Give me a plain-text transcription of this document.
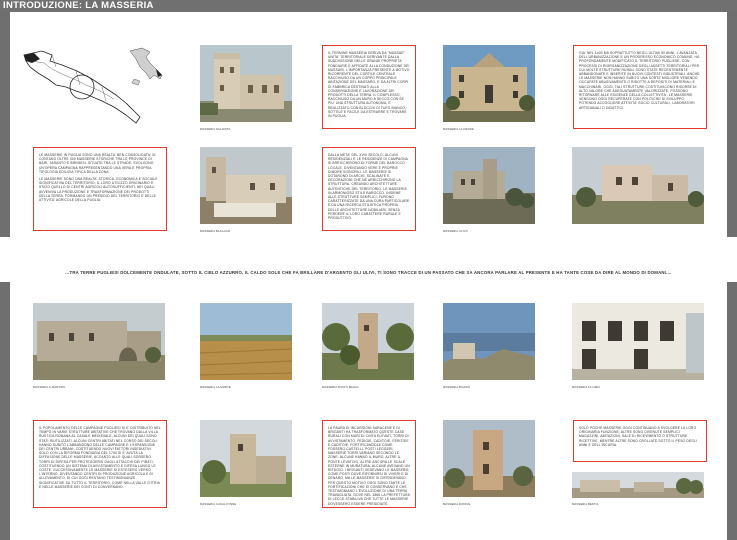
INTRODUZIONE: LA MASSERIA
MASSERIA SALAMITA

IL TERMINE MASSERIA DERIVA DA "MASSAE" UNITA' TERRITORIALE DERIVANTE DALLA SUDDIVISIONE DELLE GRANDI PROPRIETA' FONDIARIE E AFFIDATE ALLA CONDUZIONE DEI MASSARI. L'IMPORTANZA PRESENTE A MOTIVO RICORRENTE DEL CORTILE CENTRALE RACCHIUSO DA UN CORPO PRINCIPALE ABITAZIONE DEL MASSARO, E DA ALTRI CORPI DI FABBRICA DESTINATI ALLA CONSERVAZIONE E LAVORAZIONE DEI PRODOTTI DELLA TERRA. IL COMPLESSO, RACCHIUSO DA UN MURO A SECCO CON SE PIU' UNA STRUTTURA AUTONOMA, E REALIZZATO CON BLOCCHI DI TUFO BIANCO, SOTTILE E FACILE DA ESTRARRE E TROVARE IN PUGLIA.

MASSERIA LA FRASIE

GIA' NEL 1400 MA SOPRATTUTTO NEGLI ULTIMI 50 ANNI, L'AVANZATA DELL'URBANIZZAZIONE E UN PROGRESSO ECONOMICO COMUNE, HA PROFONDAMENTE MODIFICATO IL TERRITORIO PUGLIESE, CON PROCESSI DI RIORGANIZZAZIONE DEGLI ASSETTI TERRITORIALI PER CUI MOLTE STRUTTURE RURALI SONO STATE RECENTEMENTE ABBANDONATE E INSERITE IN NUOVI CONTESTI INDUSTRIALI. ANCHE LE MASSERIE NON HANNO SUBITO UNA SORTE MIGLIORE VENENDO OCCUPATE ABUSIVAMENTE O RIDOTTE A DEPOSITI DI MATERIALI E MACCHINARI. OGGI, TALI STRUTTURE COSTITUISCONO RISORSE DI ALTO VALORE CHE ADEGUATAMENTE VALORIZZATE, POSSONO RITORNARE ALLE ESIGENZE DELLA COLLETTIVITA'. LE MASSERIE VENGONO OGGI RECUPERATE CON POLITICHE DI SVILUPPO, POTENDO ACCOGLIERE ATTIVITA' SOCIO CULTURALI, LABORATORI ARTIGIANALI O DIDATTICI.

LE MASSERIE IN PUGLIA SONO UNA REALTA' BEN CONSOLIDATA; SI CONTANO OLTRE 400 MASSERIE STORICHE TRA LE PROVINCE DI BARI, TARANTO E BRINDISI. SITUATE TRA LE STRADE, SVOLGONO UN'OPERA CAMPAGNA RAPPRESENTANDO UNA VERA E PROPRIA TIPOLOGIA EDILIZIA TIPICA DELLA ZONA.

LE MASSERIE SONO UNA REALTA' STORICA, ECONOMICA E SOCIALE SIGNIFICATIVA DEL TERRITORIO; IL LORO UTILIZZO ORIGINARIO E' STATO QUELLO DI CENTRI AGRICOLI AUTOSUFFICIENTI, NEI QUALI AVVENIVA LA PRODUZIONE E TRASFORMAZIONE DEI PRODOTTI DELLA TERRA, FORMANDO UN PRESIDIO DEL TERRITORIO E DELLE ATTIVITA' AGRICOLE DELLA PUGLIA.

MASSERIA BLAGUAN

DALLA META' DEL XVIII SECOLO, ALCUNI RESIDENZIALI E LE RESIDENZE DI CAMPAGNA SI ARRICCHIRONO DI FORME DEL BAROCCO LOCALE, DIVENTANDO VERE E PROPRIE DIMORE SIGNORILI. LE MASSERIE SI DOTARONO DI ARCHI, SCALINATE E DECORAZIONI CHE NE ARRICCHIRONO LA STRUTTURA, CREANDO ARCHITETTURE AUTENTICHE DEL TERRITORIO. LE MASSERIE IN ARMONIOSO STILE BAROCCO, INSIEME ALLE STRUTTURE SEMPLICI, FURONO CARATTERIZZATE DA UNA CURA PARTICOLARE E DA UNA RICERCA STILISTICA PROPRIA DELLE ARCHITETTURE NOBILIARI, SENZA PERDERE IL LORO CARATTERE RURALE E PRODUTTIVO.

MASSERIA ULIVO
...TRA TERRE PUGLIESI DOLCEMENTE ONDULATE, SOTTO IL CIELO AZZURRO, IL CALDO SOLE CHE FA BRILLARE D'ARGENTO GLI ULIVI, TI SONO TRACCE DI UN PASSATO CHE SA ANCORA PARLARE AL PRESENTE E HA TANTE COSE DA DIRE AL MONDO DI DOMANI....
MASSERIA S.MARTIRO	MASSERIA LA MORTE	MASSERIA DONI'S BALDA	MASSERIA BIANCO	MASSERIA LA LIMIC

IL POPOLAMENTO DELLE CAMPAGNE PUGLIESI SI E' DISTRIBUITO NEL TEMPO IN VARIE STRUTTURE ABITATIVE CHE TROVANO DALLA VILLA RUSTICA ROMANA AL CASALE MEDIEVALE, ALCUNI DEI QUALI SONO STATI RIUTILIZZATI. ALCUNI CENTRI ABITATI NEL CORSO DEI SECOLI HANNO SUBITO L'ABBANDONO DELLE CAMPAGNE E L'ESPANSIONE DEI CENTRI URBANI, COSTITUENDO NUOVI FATTORI INSEDIATIVI. SOLO CON LA RIFORMA FONDIARIA DEL 1700 SI E' AVUTA LA DIFFUSIONE DELLE MASSERIE, ACCANTO ALLE QUALI SORSERO TORRI DI DIFESA PER PROTEGGERSI DAGLI ATTACCHI DEI PIRATI, COSTITUENDO UN SISTEMA DI AVVISTAMENTO E DIFESA LUNGO LE COSTE. SUCCESSIVAMENTE LE MASSERIE SI ESTESERO VERSO L'INTERNO, DIVENTANDO CENTRI DI PRODUZIONE AGRICOLA E DI ALLEVAMENTO, DI CUI OGGI RESTANO TESTIMONIANZE SIGNIFICATIVE SU TUTTO IL TERRITORIO, COME NELLA VALLE D'ITRIA E NELLE MASSERIE DEI CONTI DI CONVERSANO.

MASSERIA CASAL D'INNE

LA PAURA DI INCURSIONI SARACENE E DI BRIGANTI HA TRASFORMATO QUESTE CASE RURALI CON MURI DI CINTA ELEVATI, TORRI DI AVVISTAMENTO, FEDIGIE, CADITOIE, FERITOIE E CADITOIE, FORTIFICANDOLE COME FOSSERO CASTELLI. POSTI LEGGERI, MASSERIE TORRI VARIANO SECONDO LE ZONE: ALCUNE HANNO IL MURO, ALTRE IL PONTE LEVATOIO, ALTRE ANCORA LE SCALE ESTERNE IN MURATURA, ALCUNE AVEVANO UN RIFUGIO. I BRIGANTI VEDEVANO LE MASSERIE COME POSTI DOVE RIFORNIRSI DI VIVERI E DI DENARO, MA LE MASSERIE SI DIFENDEVANO: PER QUESTO MOTIVO OGGI SONO TANTE LE FORTIFICAZIONI CHE SI CONSERVANO E CHE TESTIMONIANO L'EVOLUZIONE DI UNA TERRA TRAVAGLIATA, DOVE NEL 1866 LA PREFETTURA DI LECCE STABILIVA CHE TUTTE LE MASSERIE DOVESSERO ESSERE PRESIDIATE.	MASSERIA DONICE

SOLO POCHE MASSERIE OGGI CONTINUANO A SVOLGERE LA LORO ORIGINARIA FUNZIONE; ALTRE SONO DIVENUTE SEMPLICI MAGAZZINI, ABITAZIONI, SALE DI RICEVIMENTO O STRUTTURE RICETTIVE, MENTRE ALTRE SONO CROLLATE SOTTO IL PESO DEGLI ANNI E DELL'INCURIA.

MASSERIA BESTIA
